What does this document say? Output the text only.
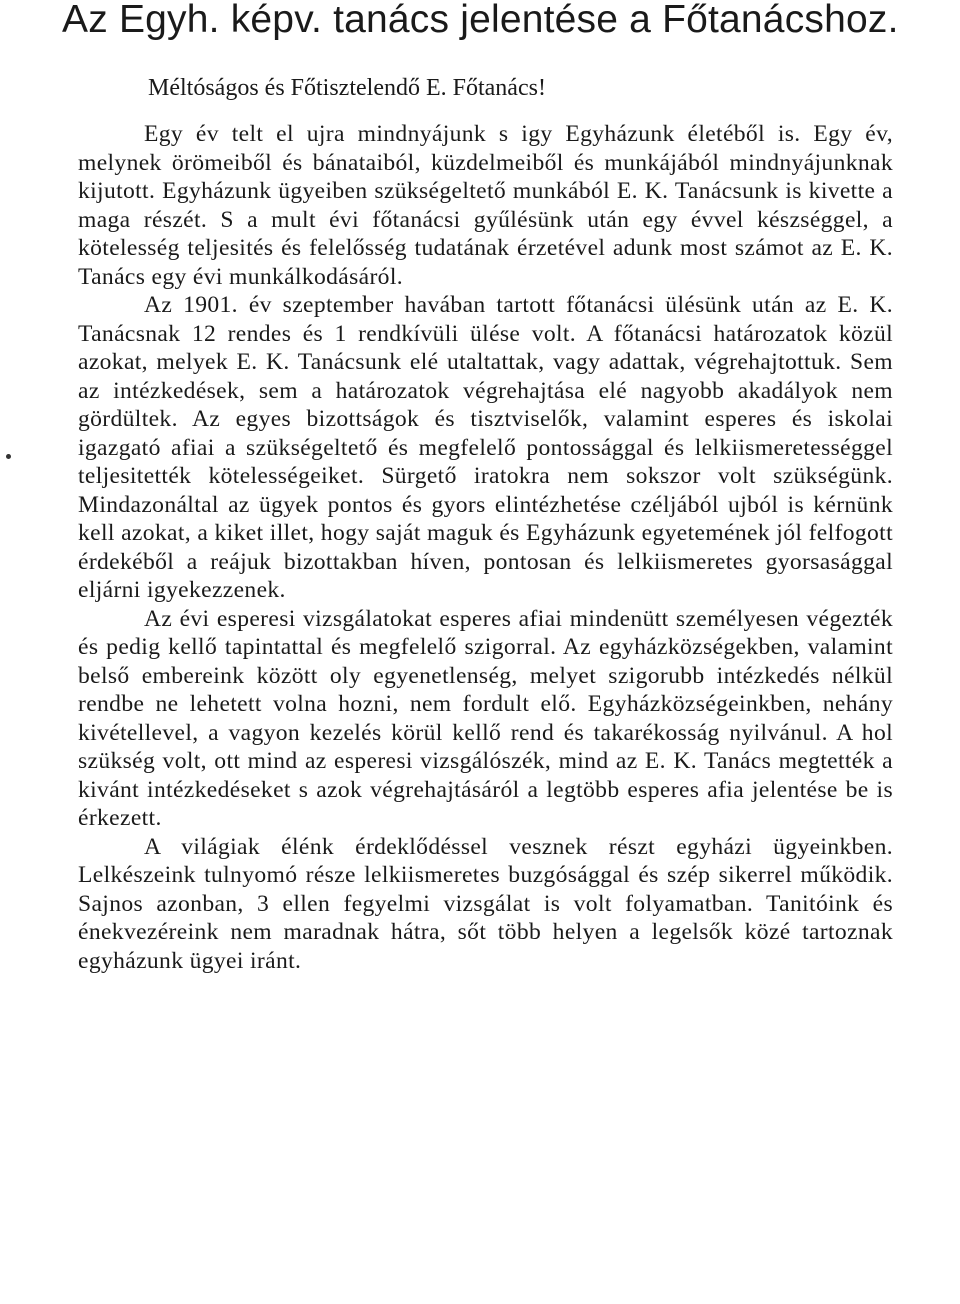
Az Egyh. képv. tanács jelentése a Főtanácshoz.

Méltóságos és Főtisztelendő E. Főtanács!

Egy év telt el ujra mindnyájunk s igy Egyházunk életéből is. Egy év, melynek örömeiből és bánataiból, küzdelmeiből és munkájából mindnyájunknak kijutott. Egyházunk ügyeiben szükségeltető munkából E. K. Tanácsunk is kivette a maga részét. S a mult évi főtanácsi gyűlésünk után egy évvel készséggel, a kötelesség teljesités és felelősség tudatának érzetével adunk most számot az E. K. Tanács egy évi munkálkodásáról.

Az 1901. év szeptember havában tartott főtanácsi ülésünk után az E. K. Tanácsnak 12 rendes és 1 rendkívüli ülése volt. A főtanácsi határozatok közül azokat, melyek E. K. Tanácsunk elé utaltattak, vagy adattak, végrehajtottuk. Sem az intézkedések, sem a határozatok végrehajtása elé nagyobb akadályok nem gördültek. Az egyes bizottságok és tisztviselők, valamint esperes és iskolai igazgató afiai a szükségeltető és megfelelő pontossággal és lelkiismeretességgel teljesitették kötelességeiket. Sürgető iratokra nem sokszor volt szükségünk. Mindazonáltal az ügyek pontos és gyors elintézhetése czéljából ujból is kérnünk kell azokat, a kiket illet, hogy saját maguk és Egyházunk egyetemének jól felfogott érdekéből a reájuk bizottakban híven, pontosan és lelkiismeretes gyorsasággal eljárni igyekezzenek.

Az évi esperesi vizsgálatokat esperes afiai mindenütt személyesen végezték és pedig kellő tapintattal és megfelelő szigorral. Az egyházközségekben, valamint belső embereink között oly egyenetlenség, melyet szigorubb intézkedés nélkül rendbe ne lehetett volna hozni, nem fordult elő. Egyházközségeinkben, nehány kivétellevel, a vagyon kezelés körül kellő rend és takarékosság nyilvánul. A hol szükség volt, ott mind az esperesi vizsgálószék, mind az E. K. Tanács megtették a kivánt intézkedéseket s azok végrehajtásáról a legtöbb esperes afia jelentése be is érkezett.

A világiak élénk érdeklődéssel vesznek részt egyházi ügyeinkben. Lelkészeink tulnyomó része lelkiismeretes buzgósággal és szép sikerrel működik. Sajnos azonban, 3 ellen fegyelmi vizsgálat is volt folyamatban. Tanitóink és énekvezéreink nem maradnak hátra, sőt több helyen a legelsők közé tartoznak egyházunk ügyei iránt.
